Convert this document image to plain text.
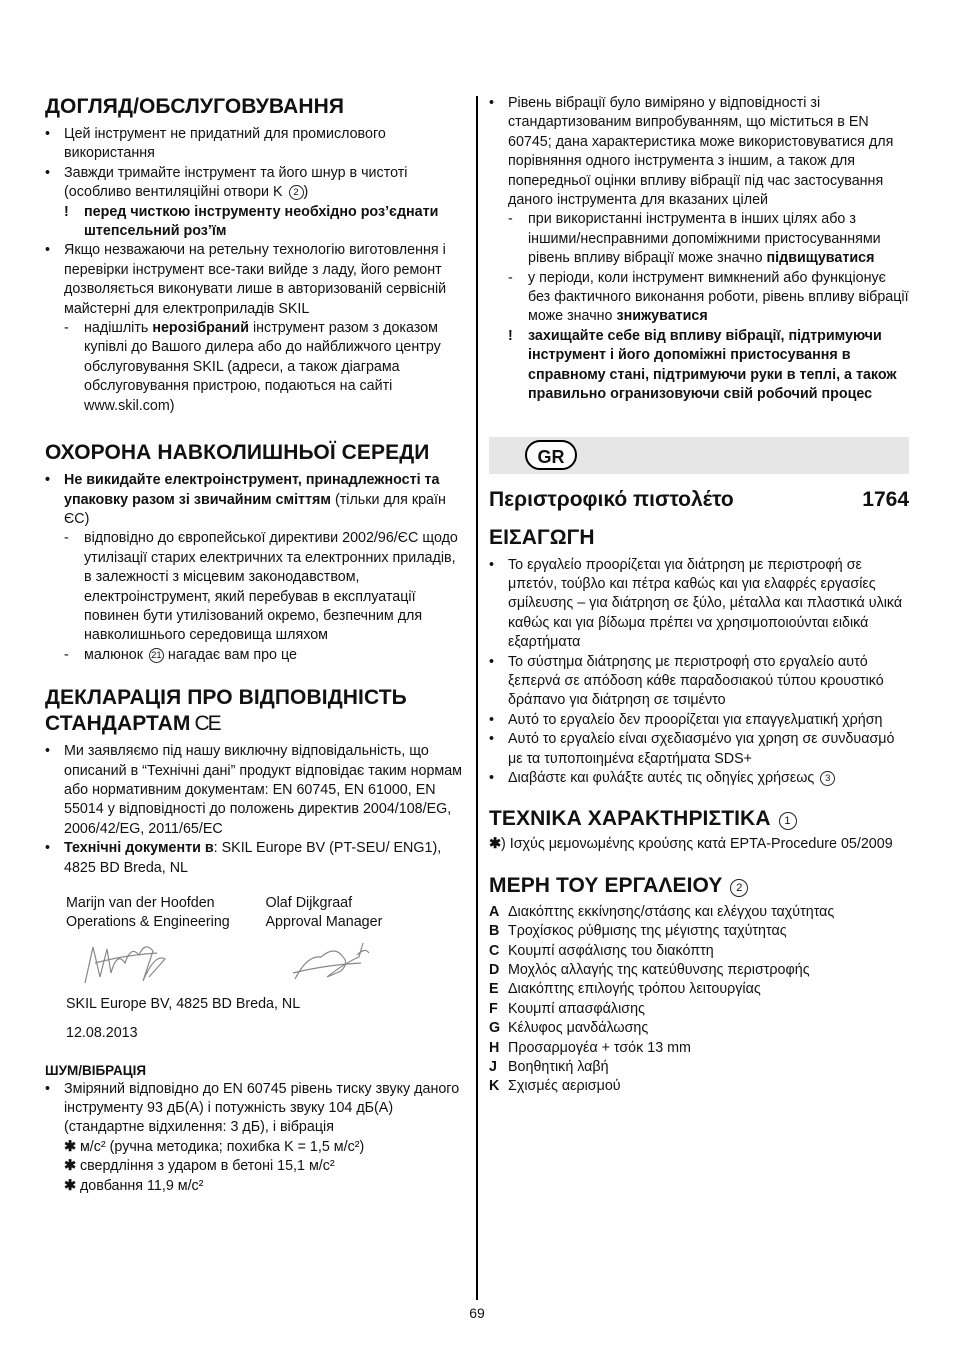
ДОГЛЯД/ОБСЛУГОВУВАННЯ
• Цей інструмент не придатний для промислового використання
• Завжди тримайте інструмент та його шнур в чистоті (особливо вентиляційні отвори K 2 )
!	перед чисткою інструменту необхідно роз’єднати штепсельний роз’їм
• Якщо незважаючи на ретельну технологію виготовлення і перевірки інструмент все-таки вийде з ладу, його ремонт дозволяється виконувати лише в авторизованій сервісній майстерні для електроприладів SKIL
-	надішліть нерозібраний інструмент разом з доказом купівлі до Вашого дилера або до найближчого центру обслуговування SKIL (адреси, а також діаграма обслуговування пристрою, подаються на сайті www.skil.com)
ОХОРОНА НАВКОЛИШНЬОЇ СЕРЕДИ
• Не викидайте електроінструмент, принадлежності та упаковку разом зі звичайним сміттям (тільки для країн ЄС)
-	відповідно до європейської директиви 2002/96/ЄС щодо утилізації старих електричних та електронних приладів, в залежності з місцевим законодавством, електроінструмент, який перебував в експлуатації повинен бути утилізований окремо, безпечним для навколишнього середовища шляхом
-	малюнок 21 нагадає вам про це
ДЕКЛАРАЦІЯ ПРО ВІДПОВІДНІСТЬ
СТАНДАРТАМ CE
• Ми заявляємо під нашу виключну відповідальність, що описаний в “Технічні дані” продукт відповідає таким нормам або нормативним документам: EN 60745, EN 61000, EN 55014 у відповідності до положень директив 2004/108/EG, 2006/42/EG, 2011/65/EC
• Технічні документи в: SKIL Europe BV (PT-SEU/ ENG1), 4825 BD Breda, NL
Marijn van der Hoofden
Operations & Engineering
Olaf Dijkgraaf
Approval Manager
SKIL Europe BV, 4825 BD Breda, NL
12.08.2013
ШУМ/ВІБРАЦІЯ
• Зміряний відповідно до EN 60745 рівень тиску звуку даного інструменту 93 дБ(A) і потужність звуку 104 дБ(A) (стандартне відхилення: 3 дБ), і вібрація
✱ м/с² (ручна методика; похибка K = 1,5 м/с²)
✱ свердління з ударом в бетоні 15,1 м/с²
✱ довбання 11,9 м/с²
• Рівень вібрації було виміряно у відповідності зі стандартизованим випробуванням, що міститься в EN 60745; дана характеристика може використовуватися для порівняння одного інструмента з іншим, а також для попередньої оцінки впливу вібрації під час застосування даного інструмента для вказаних цілей
-	при використанні інструмента в інших цілях або з іншими/несправними допоміжними пристосуваннями рівень впливу вібрації може значно підвищуватися
-	у періоди, коли інструмент вимкнений або функціонує без фактичного виконання роботи, рівень впливу вібрації може значно знижуватися
!	захищайте себе від впливу вібрації, підтримуючи інструмент і його допоміжні пристосування в справному стані, підтримуючи руки в теплі, а також правильно огранизовуючи свій робочий процес
GR
Περιστροφικό πιστολέτο	1764
ΕΙΣΑΓΩΓΗ
• Το εργαλείο προορίζεται για διάτρηση με περιστροφή σε μπετόν, τούβλο και πέτρα καθώς και για ελαφρές εργασίες σμίλευσης – για διάτρηση σε ξύλο, μέταλλα και πλαστικά υλικά καθώς και για βίδωμα πρέπει να χρησιμοποιούνται ειδικά εξαρτήματα
• Το σύστημα διάτρησης με περιστροφή στο εργαλείο αυτό ξεπερνά σε απόδοση κάθε παραδοσιακού τύπου κρουστικό δράπανο για διάτρηση σε τσιμέντο
• Αυτό το εργαλείο δεν προορίζεται για επαγγελματική χρήση
• Αυτό το εργαλείο είναι σχεδιασμένο για χρηση σε συνδυασμό με τα τυποποιημένα εξαρτήματα SDS+
• Διαβάστε και φυλάξτε αυτές τις οδηγίες χρήσεως 3
ΤΕΧΝΙΚΑ ΧΑΡΑΚΤΗΡΙΣΤΙΚΑ 1
✱) Ισχύς μεμονωμένης κρούσης κατά EPTA-Procedure 05/2009
ΜΕΡΗ ΤΟΥ ΕΡΓΑΛΕΙΟΥ 2
A Διακόπτης εκκίνησης/στάσης και ελέγχου ταχύτητας
B Τροχίσκος ρύθμισης της μέγιστης ταχύτητας
C Κουμπί ασφάλισης του διακόπτη
D Μοχλός αλλαγής της κατεύθυνσης περιστροφής
E Διακόπτης επιλογής τρόπου λειτουργίας
F Κουμπί απασφάλισης
G Κέλυφος μανδάλωσης
H Προσαρμογέα + τσόκ 13 mm
J Βοηθητική λαβή
K Σχισμές αερισμού
69
